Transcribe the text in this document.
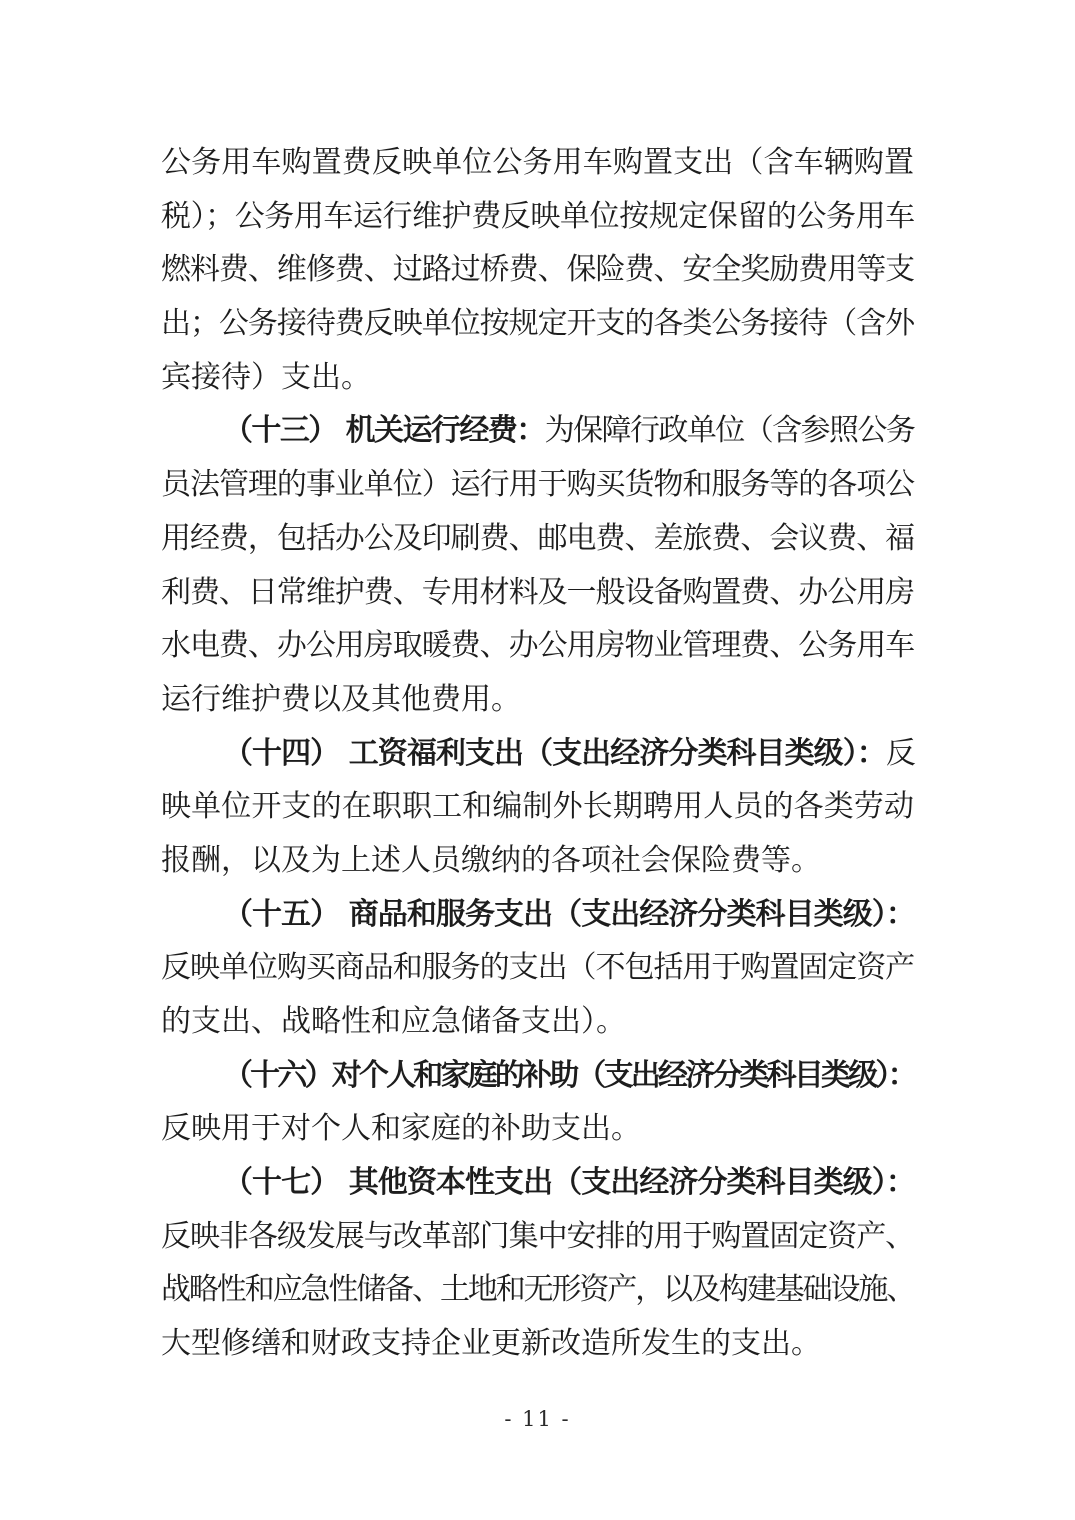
公务用车购置费反映单位公务用车购置支出（含车辆购置
税）；公务用车运行维护费反映单位按规定保留的公务用车
燃料费、维修费、过路过桥费、保险费、安全奖励费用等支
出；公务接待费反映单位按规定开支的各类公务接待（含外
宾接待）支出。
（十三） 机关运行经费：为保障行政单位（含参照公务
员法管理的事业单位）运行用于购买货物和服务等的各项公
用经费，包括办公及印刷费、邮电费、差旅费、会议费、福
利费、日常维护费、专用材料及一般设备购置费、办公用房
水电费、办公用房取暖费、办公用房物业管理费、公务用车
运行维护费以及其他费用。
（十四） 工资福利支出（支出经济分类科目类级）：反
映单位开支的在职职工和编制外长期聘用人员的各类劳动
报酬，以及为上述人员缴纳的各项社会保险费等。
（十五） 商品和服务支出（支出经济分类科目类级）：
反映单位购买商品和服务的支出（不包括用于购置固定资产
的支出、战略性和应急储备支出）。
（十六）对个人和家庭的补助（支出经济分类科目类级）：
反映用于对个人和家庭的补助支出。
（十七） 其他资本性支出（支出经济分类科目类级）：
反映非各级发展与改革部门集中安排的用于购置固定资产、
战略性和应急性储备、土地和无形资产，以及构建基础设施、
大型修缮和财政支持企业更新改造所发生的支出。
- 11 -
